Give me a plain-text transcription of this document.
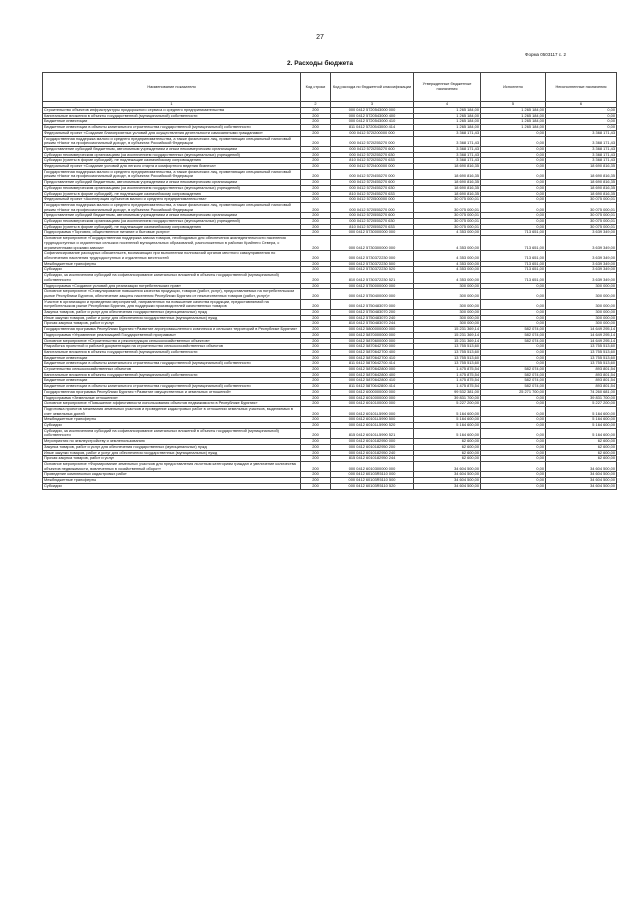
27
Форма 0503117 с. 2
2. Расходы бюджета
Наименование показателя	Код строки	Код расхода по бюджетной классификации	Утвержденные бюджетные назначения	Исполнено	Неисполненные назначения
1	2	3	4	5	6
Строительство объектов инфраструктуры придорожного сервиса и среднего предпринимательства	200	000 0412 5720543000 000	1 265 184,00	1 265 184,00	0,00
Капитальные вложения в объекты государственной (муниципальной) собственности	200	000 0412 5720543000 400	1 265 184,00	1 265 184,00	0,00
Бюджетные инвестиции	200	000 0412 5720543000 410	1 265 184,00	1 265 184,00	0,00
Бюджетные инвестиции в объекты капитального строительства государственной (муниципальной) собственности	200	811 0412 5720543000 414	1 265 184,00	1 265 184,00	0,00
Федеральный проект «Создание благоприятных условий для осуществления деятельности самозанятыми гражданами»	200	000 0412 572I200000 000	3 368 171,43	0,00	3 368 171,43
Государственная поддержка малого и среднего предпринимательства, а также физических лиц, применяющих специальный налоговый режим «Налог на профессиональный доход», в субъектах Российской Федерации	200	000 0412 572I255270 000	3 368 171,43	0,00	3 368 171,43
Предоставление субсидий бюджетным, автономным учреждениям и иным некоммерческим организациям	200	000 0412 572I255270 600	3 368 171,43	0,00	3 368 171,43
Субсидии некоммерческим организациям (за исключением государственных (муниципальных) учреждений)	200	000 0412 572I255270 630	3 368 171,43	0,00	3 368 171,43
Субсидии (гранты в форме субсидий), не подлежащие казначейскому сопровождению	200	810 0412 572I255270 633	3 368 171,43	0,00	3 368 171,43
Федеральный проект «Создание условий для легкого старта и комфортного ведения бизнеса»	200	000 0412 572I400000 000	18 690 816,35	0,00	18 690 816,35
Государственная поддержка малого и среднего предпринимательства, а также физических лиц, применяющих специальный налоговый режим «Налог на профессиональный доход», в субъектах Российской Федерации	200	000 0412 572I455270 000	18 690 816,35	0,00	18 690 816,35
Предоставление субсидий бюджетным, автономным учреждениям и иным некоммерческим организациям	200	000 0412 572I455270 600	18 690 816,35	0,00	18 690 816,35
Субсидии некоммерческим организациям (за исключением государственных (муниципальных) учреждений)	200	000 0412 572I455270 630	18 690 816,35	0,00	18 690 816,35
Субсидии (гранты в форме субсидий), не подлежащие казначейскому сопровождению	200	810 0412 572I455270 633	18 690 816,35	0,00	18 690 816,35
Федеральный проект «Акселерация субъектов малого и среднего предпринимательства»	200	000 0412 572I500000 000	30 075 000,01	0,00	30 075 000,01
Государственная поддержка малого и среднего предпринимательства, а также физических лиц, применяющих специальный налоговый режим «Налог на профессиональный доход», в субъектах Российской Федерации	200	000 0412 572I555270 000	30 075 000,01	0,00	30 075 000,01
Предоставление субсидий бюджетным, автономным учреждениям и иным некоммерческим организациям	200	000 0412 572I555270 600	30 075 000,01	0,00	30 075 000,01
Субсидии некоммерческим организациям (за исключением государственных (муниципальных) учреждений)	200	000 0412 572I555270 630	30 075 000,01	0,00	30 075 000,01
Субсидии (гранты в форме субсидий), не подлежащие казначейскому сопровождению	200	810 0412 572I555270 633	30 075 000,01	0,00	30 075 000,01
Подпрограмма «Торговля, общественное питание и бытовые услуги»	200	000 0412 5730000000 000	4 353 000,00	713 651,00	3 639 349,00
Основное мероприятие «Государственная поддержка завоза товаров, необходимых для обеспечения жизнедеятельности населения труднодоступных и отдаленных сельских поселений муниципальных образований, расположенных в районах Крайнего Севера, с ограниченными сроками завоза»	200	000 0412 5730300000 000	4 353 000,00	713 651,00	3 639 349,00
Софинансирование расходных обязательств, возникающих при выполнении полномочий органов местного самоуправления по обеспечению населения труднодоступных и отдаленных местностей	200	000 0412 5730372230 000	4 353 000,00	713 651,00	3 639 349,00
Межбюджетные трансферты	200	000 0412 5730372230 500	4 353 000,00	713 651,00	3 639 349,00
Субсидии	200	000 0412 5730372230 520	4 353 000,00	713 651,00	3 639 349,00
Субсидии, за исключением субсидий на софинансирование капитальных вложений в объекты государственной (муниципальной) собственности	200	810 0412 5730372230 521	4 353 000,00	713 651,00	3 639 349,00
Подпрограмма «Создание условий для реализации потребительских прав»	200	000 0412 5750000000 000	300 000,00	0,00	300 000,00
Основное мероприятие «Стимулирование повышения качества продукции, товаров (работ, услуг), предоставляемых на потребительском рынке Республики Бурятия, обеспечение защиты населения Республики Бурятия от некачественных товаров (работ, услуг)»	200	000 0412 5750400000 000	300 000,00	0,00	300 000,00
Участие в организации и проведении мероприятий, направленных на повышение качества продукции, предоставляемой на потребительском рынке Республики Бурятия, для поддержки производителей качественных товаров	200	000 0412 5750483070 000	300 000,00	0,00	300 000,00
Закупка товаров, работ и услуг для обеспечения государственных (муниципальных) нужд	200	000 0412 5750483070 200	300 000,00	0,00	300 000,00
Иные закупки товаров, работ и услуг для обеспечения государственных (муниципальных) нужд	200	000 0412 5750483070 240	300 000,00	0,00	300 000,00
Прочая закупка товаров, работ и услуг	200	810 0412 5750483070 244	300 000,00	0,00	300 000,00
Государственная программа Республики Бурятия «Развитие агропромышленного комплекса и сельских территорий в Республике Бурятия»	200	000 0412 5800000000 000	15 231 369,14	582 074,00	14 649 295,14
Подпрограмма «Управление реализацией Государственной программы»	200	000 0412 5870000000 000	15 231 369,14	582 074,00	14 649 295,14
Основное мероприятие «Строительство и реконструкция сельскохозяйственных объектов»	200	000 0412 5870600000 000	15 231 369,14	582 074,00	14 649 295,14
Разработка проектной и рабочей документации на строительство сельскохозяйственных объектов	200	000 0412 5870642700 000	13 755 513,60	0,00	13 755 513,60
Капитальные вложения в объекты государственной (муниципальной) собственности	200	000 0412 5870642700 400	13 755 513,60	0,00	13 755 513,60
Бюджетные инвестиции	200	000 0412 5870642700 410	13 755 513,60	0,00	13 755 513,60
Бюджетные инвестиции в объекты капитального строительства государственной (муниципальной) собственности	200	811 0412 5870642700 414	13 755 513,60	0,00	13 755 513,60
Строительство сельскохозяйственных объектов	200	000 0412 5870642800 000	1 475 875,54	582 074,00	893 801,54
Капитальные вложения в объекты государственной (муниципальной) собственности	200	000 0412 5870642800 400	1 475 875,54	582 074,00	893 801,54
Бюджетные инвестиции	200	000 0412 5870642800 410	1 475 875,54	582 074,00	893 801,54
Бюджетные инвестиции в объекты капитального строительства государственной (муниципальной) собственности	200	811 0412 5870642800 414	1 475 875,54	582 074,00	893 801,54
Государственная программа Республики Бурятия «Развитие имущественных и земельных отношений»	200	000 0412 6000000000 000	99 532 381,00	25 271 700,00	74 260 681,00
Подпрограмма «Земельные отношения»	200	000 0412 6010000000 000	39 831 700,00	0,00	39 831 700,00
Основное мероприятие «Повышение эффективности использования объектов недвижимости в Республике Бурятия»	200	000 0412 6010100000 000	5 227 200,00	0,00	5 227 200,00
Подготовка проектов межевания земельных участков и проведение кадастровых работ в отношении земельных участков, выделяемых в счет земельных долей	200	000 0412 60101L5990 000	5 164 600,00	0,00	5 164 600,00
Межбюджетные трансферты	200	000 0412 60101L5990 500	5 164 600,00	0,00	5 164 600,00
Субсидии	200	000 0412 60101L5990 520	5 164 600,00	0,00	5 164 600,00
Субсидии, за исключением субсидий на софинансирование капитальных вложений в объекты государственной (муниципальной) собственности	200	815 0412 60101L5990 521	5 164 600,00	0,00	5 164 600,00
Мероприятия по землеустройству и землепользованию	200	000 0412 6010182950 000	62 600,00	0,00	62 600,00
Закупка товаров, работ и услуг для обеспечения государственных (муниципальных) нужд	200	000 0412 6010182950 200	62 600,00	0,00	62 600,00
Иные закупки товаров, работ и услуг для обеспечения государственных (муниципальных) нужд	200	000 0412 6010182950 240	62 600,00	0,00	62 600,00
Прочая закупка товаров, работ и услуг	200	815 0412 6010182950 244	62 600,00	0,00	62 600,00
Основное мероприятие «Формирование земельных участков для предоставления льготным категориям граждан и увеличение количества объектов недвижимости, вовлеченных в хозяйственный оборот»	200	000 0412 6010300000 000	34 604 500,00	0,00	34 604 500,00
Проведение комплексных кадастровых работ	200	000 0412 60103R5110 000	34 604 500,00	0,00	34 604 500,00
Межбюджетные трансферты	200	000 0412 60103R5110 500	34 604 500,00	0,00	34 604 500,00
Субсидии	200	000 0412 60103R5110 520	34 604 500,00	0,00	34 604 500,00
